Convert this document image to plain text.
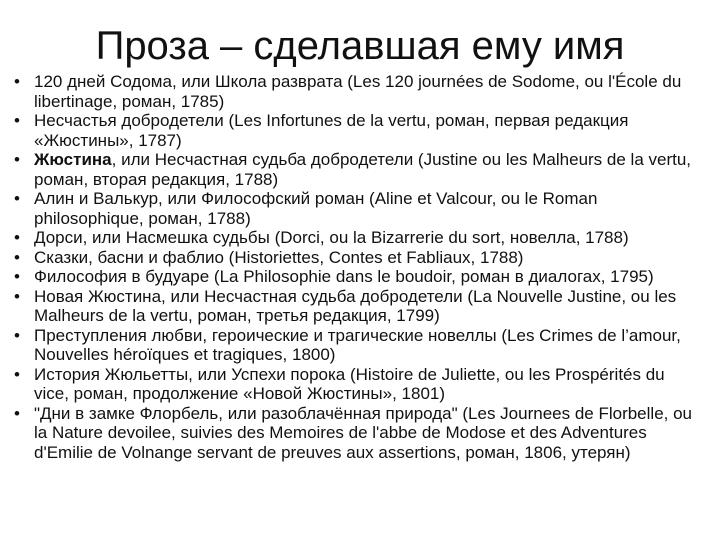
Проза – сделавшая ему имя
• 120 дней Содома, или Школа разврата (Les 120 journées de Sodome, ou l'École du libertinage, роман, 1785)
• Несчастья добродетели (Les Infortunes de la vertu, роман, первая редакция «Жюстины», 1787)
• Жюстина, или Несчастная судьба добродетели (Justine ou les Malheurs de la vertu, роман, вторая редакция, 1788)
• Алин и Валькур, или Философский роман (Aline et Valcour, ou le Roman philosophique, роман, 1788)
• Дорси, или Насмешка судьбы (Dorci, ou la Bizarrerie du sort, новелла, 1788)
• Сказки, басни и фаблио (Historiettes, Contes et Fabliaux, 1788)
• Философия в будуаре (La Philosophie dans le boudoir, роман в диалогах, 1795)
• Новая Жюстина, или Несчастная судьба добродетели (La Nouvelle Justine, ou les Malheurs de la vertu, роман, третья редакция, 1799)
• Преступления любви, героические и трагические новеллы (Les Crimes de l’amour, Nouvelles héroïques et tragiques, 1800)
• История Жюльетты, или Успехи порока (Histoire de Juliette, ou les Prospérités du vice, роман, продолжение «Новой Жюстины», 1801)
• "Дни в замке Флорбель, или разоблачённая природа" (Les Journees de Florbelle, ou la Nature devoilee, suivies des Memoires de l'abbe de Modose et des Adventures d'Emilie de Volnange servant de preuves aux assertions, роман, 1806, утерян)
